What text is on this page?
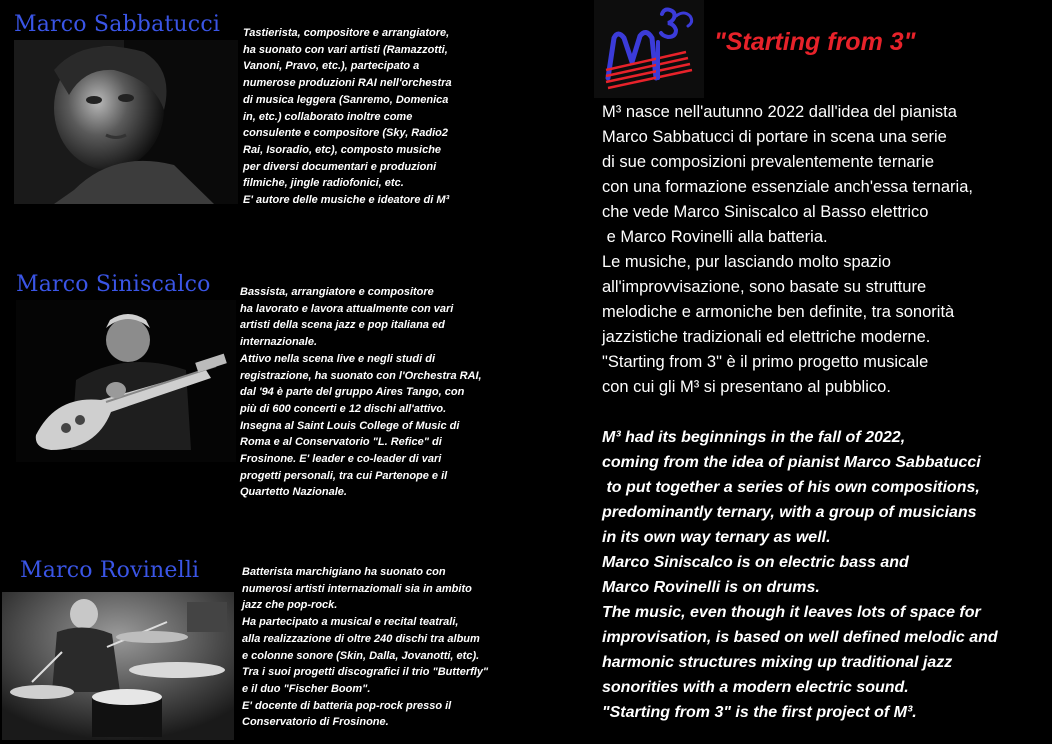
Marco Sabbatucci Tastierista, compositore e arrangiatore,
ha suonato con vari artisti (Ramazzotti,
Vanoni, Pravo, etc.), partecipato a
numerose produzioni RAI nell'orchestra
di musica leggera (Sanremo, Domenica
in, etc.) collaborato inoltre come
consulente e compositore (Sky, Radio2
Rai, Isoradio, etc), composto musiche
per diversi documentari e produzioni
filmiche, jingle radiofonici, etc.
E' autore delle musiche e ideatore di M³
Marco Siniscalco	Bassista, arrangiatore e compositore
ha lavorato e lavora attualmente con vari
artisti della scena jazz e pop italiana ed
internazionale.
Attivo nella scena live e negli studi di
registrazione, ha suonato con l'Orchestra RAI,
dal '94 è parte del gruppo Aires Tango, con
più di 600 concerti e 12 dischi all'attivo.
Insegna al Saint Louis College of Music di
Roma e al Conservatorio "L. Refice" di
Frosinone. E' leader e co-leader di vari
progetti personali, tra cui Partenope e il
Quartetto Nazionale.
Marco Rovinelli	Batterista marchigiano ha suonato con
numerosi artisti internaziomali sia in ambito
jazz che pop-rock.
Ha partecipato a musical e recital teatrali,
alla realizzazione di oltre 240 dischi tra album
e colonne sonore (Skin, Dalla, Jovanotti, etc).
Tra i suoi progetti discografici il trio "Butterfly"
e il duo "Fischer Boom".
E' docente di batteria pop-rock presso il
Conservatorio di Frosinone.
"Starting from 3"
M³ nasce nell'autunno 2022 dall'idea del pianista
Marco Sabbatucci di portare in scena una serie
di sue composizioni prevalentemente ternarie
con una formazione essenziale anch'essa ternaria,
che vede Marco Siniscalco al Basso elettrico
e Marco Rovinelli alla batteria.
Le musiche, pur lasciando molto spazio
all'improvvisazione, sono basate su strutture
melodiche e armoniche ben definite, tra sonorità
jazzistiche tradizionali ed elettriche moderne.
"Starting from 3" è il primo progetto musicale
con cui gli M³ si presentano al pubblico.
M³ had its beginnings in the fall of 2022,
coming from the idea of pianist Marco Sabbatucci
to put together a series of his own compositions,
predominantly ternary, with a group of musicians
in its own way ternary as well.
Marco Siniscalco is on electric bass and
Marco Rovinelli is on drums.
The music, even though it leaves lots of space for
improvisation, is based on well defined melodic and
harmonic structures mixing up traditional jazz
sonorities with a modern electric sound.
"Starting from 3" is the first project of M³.
